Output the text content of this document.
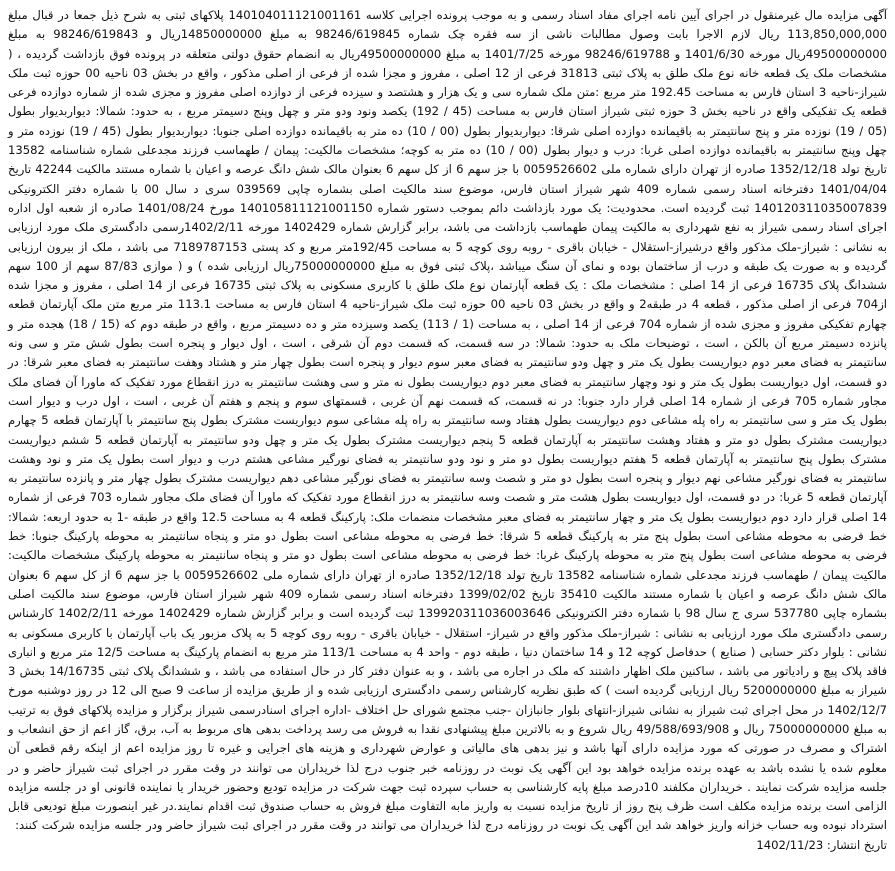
آگهی مزایده مال غیرمنقول در اجرای آیین نامه اجرای مفاد اسناد رسمی و به موجب پرونده اجرایی کلاسه 140104011121001161 پلاکهای ثبتی به شرح ذیل جمعا در قبال مبلغ 113,850,000,000 ریال لازم الاجرا بابت وصول مطالبات ناشی از سه فقره چک شماره 98246/619845 به مبلغ 14850000000ریال و 98246/619843 به مبلغ 49500000000ریال مورخه 1401/6/30 و 98246/619788 مورخه 1401/7/25 به مبلغ 49500000000ریال به انضمام حقوق دولتی متعلقه در پرونده فوق بازداشت گردیده ، ( مشخصات ملک یک قطعه خانه نوع ملک طلق به پلاک ثبتی 31813 فرعی از 12 اصلی ، مفروز و مجزا شده از فرعی از اصلی مذکور ، واقع در بخش 03 ناحیه 00 حوزه ثبت ملک شیراز-ناحیه 3 استان فارس به مساحت 192.45 متر مربع :متن ملک شماره سی و یک هزار و هشتصد و سیزده فرعی از دوازده اصلی مفروز و مجزی شده از شماره دوازده فرعی قطعه یک تفکیکی واقع در ناحیه بخش 3 حوزه ثبتی شیراز استان فارس به مساحت (45 / 192) یکصد ونود ودو متر و چهل وپنج دسیمتر مربع ، به حدود: شمالا: دیواربدیوار بطول (05 / 19) نوزده متر و پنج سانتیمتر به باقیمانده دوازده اصلی شرقا: دیواربدیوار بطول (00 / 10) ده متر به باقیمانده دوازده اصلی جنوبا: دیواربدیوار بطول (45 / 19) نوزده متر و چهل وپنج سانتیمتر به باقیمانده دوازده اصلی غربا: درب و دیوار بطول (00 / 10) ده متر به کوچه؛ مشخصات مالکیت: پیمان / طهماسب فرزند مجدعلی شماره شناسنامه 13582 تاریخ تولد 1352/12/18 صادره از تهران دارای شماره ملی 0059526602 با جز سهم 6 از کل سهم 6 بعنوان مالک شش دانگ عرصه و اعیان با شماره مستند مالکیت 42244 تاریخ 1401/04/04 دفترخانه اسناد رسمی شماره 409 شهر شیراز استان فارس، موضوع سند مالکیت اصلی بشماره چاپی 039569 سری د سال 00 با شماره دفتر الکترونیکی 140120311035007839 ثبت گردیده است. محدودیت: یک مورد بازداشت دائم بموجب دستور شماره 140105811121001150 مورخ 1401/08/24 صادره از شعبه اول اداره اجرای اسناد رسمی شیراز به نفع شهرداری به مالکیت پیمان طهماسب بازداشت می باشد، برابر گزارش شماره 1402429 مورخه 1402/2/11رسمی دادگستری ملک مورد ارزیابی به نشانی : شیراز-ملک مذکور واقع درشیراز-استقلال - خیابان باقری - روبه روی کوچه 5 به مساحت 192/45متر مربع و کد پستی 7189787153 می باشد ، ملک از بیرون ارزیابی گردیده و به صورت یک طبقه و درب از ساختمان بوده و نمای آن سنگ میباشد ،پلاک ثبتی فوق به مبلغ 75000000000ریال ارزیابی شده ) و ( موازی 87/83 سهم از 100 سهم ششدانگ پلاک 16735 فرعی از 14 اصلی : مشخصات ملک : یک قطعه آپارتمان نوع ملک طلق با کاربری مسکونی به پلاک ثبتی 16735 فرعی از 14 اصلی ، مفروز و مجزا شده از704 فرعی از اصلی مذکور ، قطعه 4 در طبقه2 و واقع در بخش 03 ناحیه 00 حوزه ثبت ملک شیراز-ناحیه 4 استان فارس به مساحت 113.1 متر مربع متن ملک آپارتمان قطعه چهارم تفکیکی مفروز و مجزی شده از شماره 704 فرعی از 14 اصلی ، به مساحت (1 / 113) یکصد وسیزده متر و ده دسیمتر مربع ، واقع در طبقه دوم که (15 / 18) هجده متر و پانزده دسیمتر مربع آن بالکن ، است ، توضیحات ملک به حدود: شمالا: در سه قسمت، که قسمت دوم آن شرقی ، است ، اول دیوار و پنجره است بطول شش متر و سی ونه سانتیمتر به فضای معبر دوم دیواریست بطول یک متر و چهل ودو سانتیمتر به فضای معبر سوم دیوار و پنجره است بطول چهار متر و هشتاد وهفت سانتیمتر به فضای معبر شرقا: در دو قسمت، اول دیواریست بطول یک متر و نود وچهار سانتیمتر به فضای معبر دوم دیواریست بطول نه متر و سی وهشت سانتیمتر به درز انقطاع مورد تفکیک که ماورا آن فضای ملک مجاور شماره 705 فرعی از شماره 14 اصلی قرار دارد جنوبا: در نه قسمت، که قسمت نهم آن غربی ، قسمتهای سوم و پنجم و هفتم آن غربی ، است ، اول درب و دیوار است بطول یک متر و سی سانتیمتر به راه پله مشاعی دوم دیواریست بطول هفتاد وسه سانتیمتر به راه پله مشاعی سوم دیواریست مشترک بطول پنج سانتیمتر با آپارتمان قطعه 5 چهارم دیواریست مشترک بطول دو متر و هفتاد وهشت سانتیمتر به آپارتمان قطعه 5 پنجم دیواریست مشترک بطول یک متر و چهل ودو سانتیمتر به آپارتمان قطعه 5 ششم دیواریست مشترک بطول پنج سانتیمتر به آپارتمان قطعه 5 هفتم دیواریست بطول دو متر و نود ودو سانتیمتر به فضای نورگیر مشاعی هشتم درب و دیوار است بطول یک متر و نود وهشت سانتیمتر به فضای نورگیر مشاعی نهم دیوار و پنجره است بطول دو متر و شصت وسه سانتیمتر به فضای نورگیر مشاعی دهم دیواریست مشترک بطول چهار متر و پانزده سانتیمتر به آپارتمان قطعه 5 غربا: در دو قسمت، اول دیواریست بطول هشت متر و شصت وسه سانتیمتر به درز انقطاع مورد تفکیک که ماورا آن فضای ملک مجاور شماره 703 فرعی از شماره 14 اصلی قرار دارد دوم دیواریست بطول یک متر و چهار سانتیمتر به فضای معبر مشخصات منضمات ملک: پارکینگ قطعه 4 به مساحت 12.5 واقع در طبقه -1 به حدود اربعه: شمالا: خط فرضی به محوطه مشاعی است بطول پنج متر به پارکینگ قطعه 5 شرقا: خط فرضی به محوطه مشاعی است بطول دو متر و پنجاه سانتیمتر به محوطه پارکینگ جنوبا: خط فرضی به محوطه مشاعی است بطول پنج متر به محوطه پارکینگ غربا: خط فرضی به محوطه مشاعی است بطول دو متر و پنجاه سانتیمتر به محوطه پارکینگ مشخصات مالکیت: مالکیت پیمان / طهماسب فرزند مجدعلی شماره شناسنامه 13582 تاریخ تولد 1352/12/18 صادره از تهران دارای شماره ملی 0059526602 با جز سهم 6 از کل سهم 6 بعنوان مالک شش دانگ عرصه و اعیان با شماره مستند مالکیت 35410 تاریخ 1399/02/02 دفترخانه اسناد رسمی شماره 409 شهر شیراز استان فارس، موضوع سند مالکیت اصلی بشماره چاپی 537780 سری ج سال 98 با شماره دفتر الکترونیکی 139920311036003646 ثبت گردیده است و برابر گزارش شماره 1402429 مورخه 1402/2/11 کارشناس رسمی دادگستری ملک مورد ارزیابی به نشانی : شیراز-ملک مذکور واقع در شیراز- استقلال - خیابان باقری - روبه روی کوچه 5 به پلاک مزبور یک باب آپارتمان با کاربری مسکونی به نشانی : بلوار دکتر حسابی ( صنایع ) حدفاصل کوچه 12 و 14 ساختمان دنیا ، طبقه دوم - واحد 4 به مساحت 113/1 متر مربع به انضمام پارکینگ به مساحت 12/5 متر مربع و انباری فاقد پلاک پیچ و رادیاتور می باشد ، ساکنین ملک اظهار داشتند که ملک در اجاره می باشد ، و به عنوان دفتر کار در حال استفاده می باشد ، و ششدانگ پلاک ثبتی 14/16735 بخش 3 شیراز به مبلغ 5200000000 ریال ارزیابی گردیده است ) که طبق نظریه کارشناس رسمی دادگستری ارزیابی شده و از طریق مزایده از ساعت 9 صبح الی 12 در روز دوشنبه مورخ 1402/12/7 در محل اجرای ثبت شیراز به نشانی شیراز-انتهای بلوار جانبازان -جنب مجتمع شورای حل اختلاف -اداره اجرای اسنادرسمی شیراز برگزار و مزایده پلاکهای فوق به ترتیب به مبلغ 75000000000 ریال و 49/588/693/908 ریال شروع و به بالاترین مبلغ پیشنهادی نقدا به فروش می رسد پرداخت بدهی های مربوط به آب، برق، گاز اعم از حق انشعاب و اشتراک و مصرف در صورتی که مورد مزایده دارای آنها باشد و نیز بدهی های مالیاتی و عوارض شهرداری و هزینه های اجرایی و غیره تا روز مزایده اعم از اینکه رقم قطعی آن معلوم شده یا نشده باشد به عهده برنده مزایده خواهد بود این آگهی یک نوبت در روزنامه خبر جنوب درج لذا خریداران می توانند در وقت مقرر در اجرای ثبت شیراز حاضر و در جلسه مزایده شرکت نمایند . خریداران مکلفند 10درصد مبلغ پایه کارشناسی به حساب سپرده ثبت جهت شرکت در مزایده تودیع وحضور خریدار یا نماینده قانونی او در جلسه مزایده الزامی است برنده مزایده مکلف است ظرف پنج روز از تاریخ مزایده نسبت به واریز مابه التفاوت مبلغ فروش به حساب صندوق ثبت اقدام نمایند.در غیر اینصورت مبلغ تودیعی قابل استرداد نبوده وبه حساب خزانه واریز خواهد شد این آگهی یک نوبت در روزنامه درج لذا خریداران می توانند در وقت مقرر در اجرای ثبت شیراز حاضر ودر جلسه مزایده شرکت کنند:

تاریخ انتشار: 1402/11/23
